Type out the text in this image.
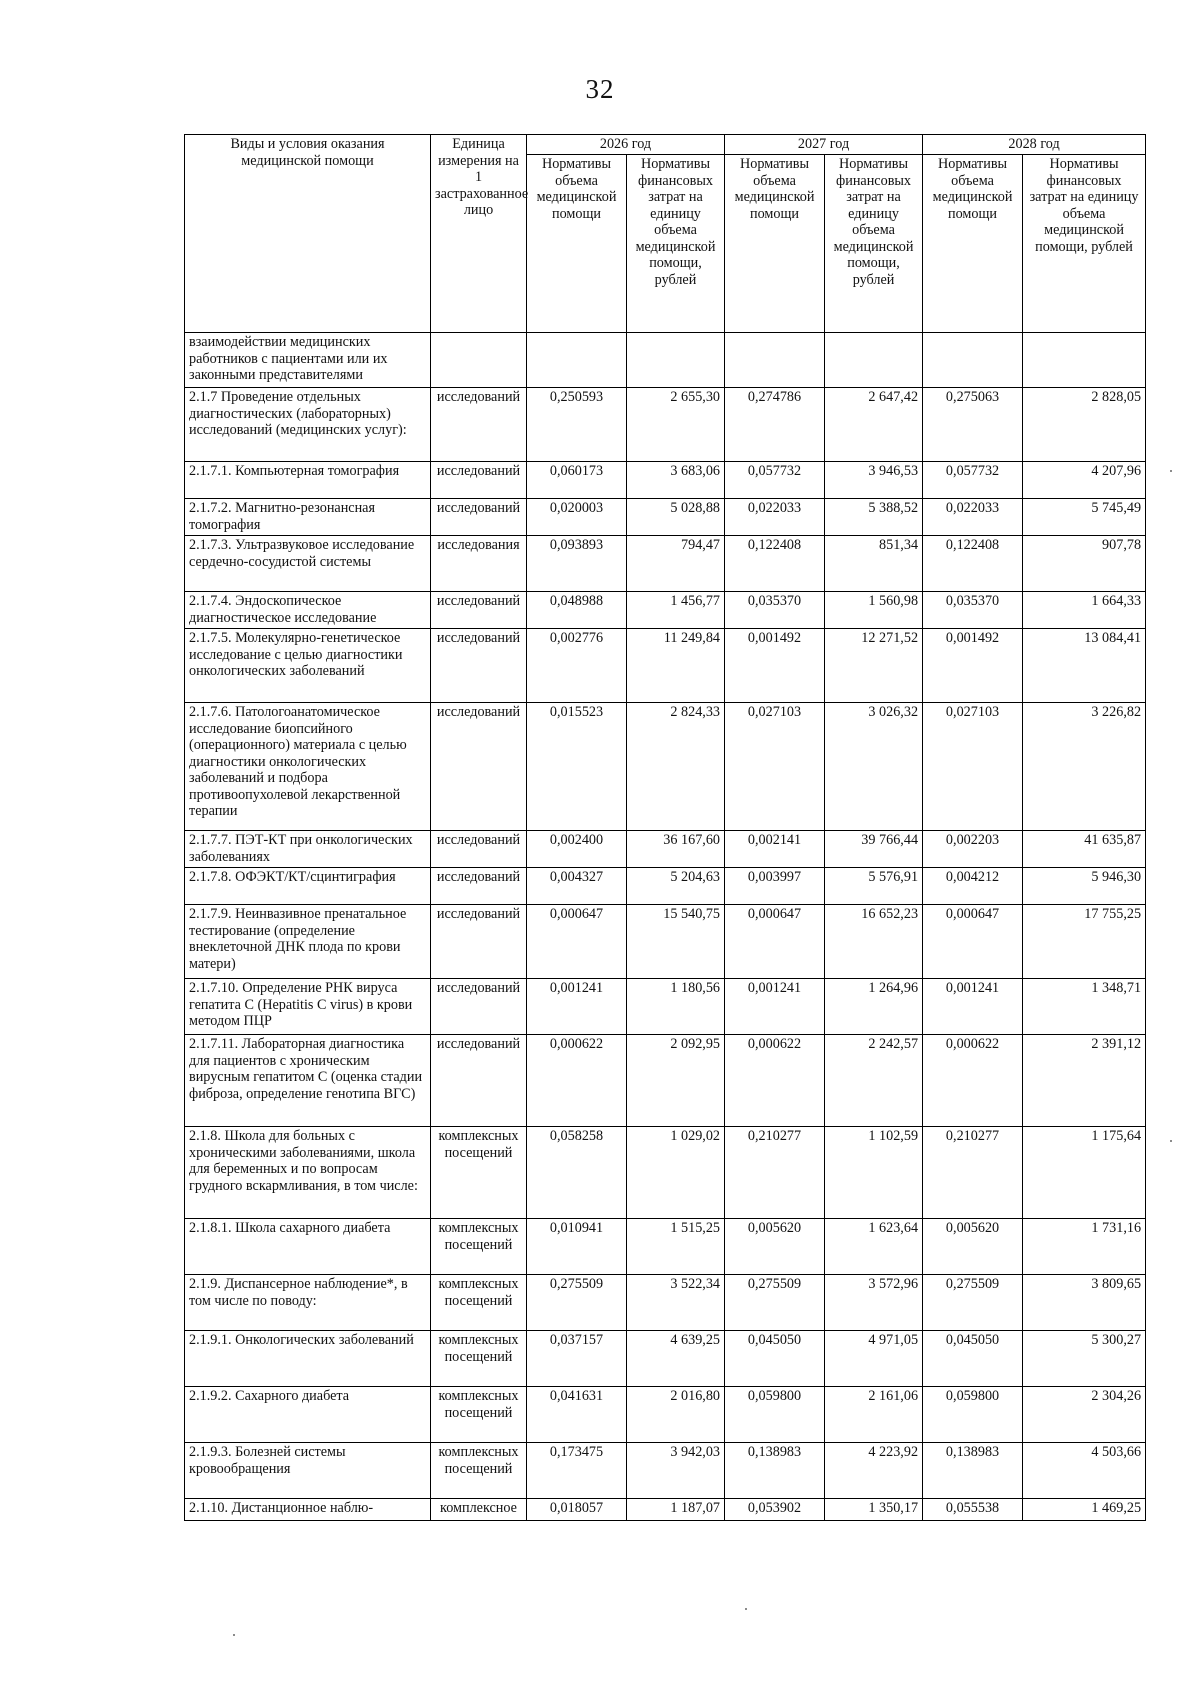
32
Виды и условия оказания медицинской помощи	Единица измерения на 1 застрахованное лицо	2026 год		2027 год		2028 год	
		Нормативы объема медицинской помощи	Нормативы финансовых затрат на единицу объема медицинской помощи, рублей	Нормативы объема медицинской помощи	Нормативы финансовых затрат на единицу объема медицинской помощи, рублей	Нормативы объема медицинской помощи	Нормативы финансовых затрат на единицу объема медицинской помощи, рублей
взаимодействии медицинских работников с пациентами или их законными представителями							
2.1.7 Проведение отдельных диагностических (лабораторных) исследований (медицинских услуг):	исследований	0,250593	2 655,30	0,274786	2 647,42	0,275063	2 828,05
2.1.7.1. Компьютерная томография	исследований	0,060173	3 683,06	0,057732	3 946,53	0,057732	4 207,96
2.1.7.2. Магнитно-резонансная томография	исследований	0,020003	5 028,88	0,022033	5 388,52	0,022033	5 745,49
2.1.7.3. Ультразвуковое исследование сердечно-сосудистой системы	исследования	0,093893	794,47	0,122408	851,34	0,122408	907,78
2.1.7.4. Эндоскопическое диагностическое исследование	исследований	0,048988	1 456,77	0,035370	1 560,98	0,035370	1 664,33
2.1.7.5. Молекулярно-генетическое исследование с целью диагностики онкологических заболеваний	исследований	0,002776	11 249,84	0,001492	12 271,52	0,001492	13 084,41
2.1.7.6. Патологоанатомическое исследование биопсийного (операционного) материала с целью диагностики онкологических заболеваний и подбора противоопухолевой лекарственной терапии	исследований	0,015523	2 824,33	0,027103	3 026,32	0,027103	3 226,82
2.1.7.7. ПЭТ-КТ при онкологических заболеваниях	исследований	0,002400	36 167,60	0,002141	39 766,44	0,002203	41 635,87
2.1.7.8. ОФЭКТ/КТ/сцинтиграфия	исследований	0,004327	5 204,63	0,003997	5 576,91	0,004212	5 946,30
2.1.7.9. Неинвазивное пренатальное тестирование (определение внеклеточной ДНК плода по крови матери)	исследований	0,000647	15 540,75	0,000647	16 652,23	0,000647	17 755,25
2.1.7.10. Определение РНК вируса гепатита С (Hepatitis С virus) в крови методом ПЦР	исследований	0,001241	1 180,56	0,001241	1 264,96	0,001241	1 348,71
2.1.7.11. Лабораторная диагностика для пациентов с хроническим вирусным гепатитом С (оценка стадии фиброза, определение генотипа ВГС)	исследований	0,000622	2 092,95	0,000622	2 242,57	0,000622	2 391,12
2.1.8. Школа для больных с хроническими заболеваниями, школа для беременных и по вопросам грудного вскармливания, в том числе:	комплексных посещений	0,058258	1 029,02	0,210277	1 102,59	0,210277	1 175,64
2.1.8.1. Школа сахарного диабета	комплексных посещений	0,010941	1 515,25	0,005620	1 623,64	0,005620	1 731,16
2.1.9. Диспансерное наблюдение*, в том числе по поводу:	комплексных посещений	0,275509	3 522,34	0,275509	3 572,96	0,275509	3 809,65
2.1.9.1. Онкологических заболеваний	комплексных посещений	0,037157	4 639,25	0,045050	4 971,05	0,045050	5 300,27
2.1.9.2. Сахарного диабета	комплексных посещений	0,041631	2 016,80	0,059800	2 161,06	0,059800	2 304,26
2.1.9.3. Болезней системы кровообращения	комплексных посещений	0,173475	3 942,03	0,138983	4 223,92	0,138983	4 503,66
2.1.10. Дистанционное наблю-	комплексное	0,018057	1 187,07	0,053902	1 350,17	0,055538	1 469,25
